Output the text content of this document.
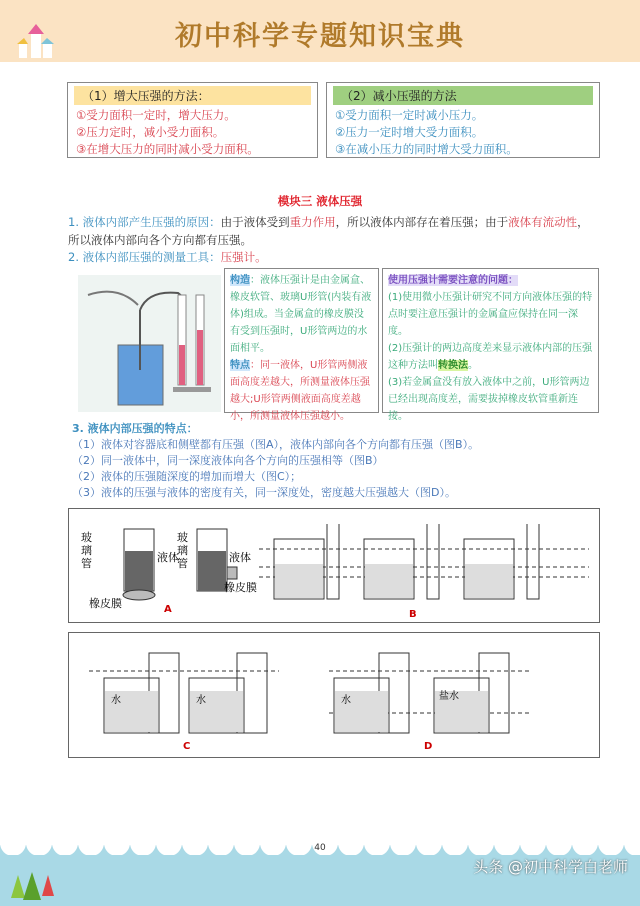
初中科学专题知识宝典
（1）增大压强的方法：
①受力面积一定时，增大压力。
②压力定时，减小受力面积。
③在增大压力的同时减小受力面积。
（2）减小压强的方法
①受力面积一定时减小压力。
②压力一定时增大受力面积。
③在减小压力的同时增大受力面积。
模块三 液体压强
1. 液体内部产生压强的原因：由于液体受到重力作用，所以液体内部存在着压强；由于液体有流动性，
所以液体内部向各个方向都有压强。
2. 液体内部压强的测量工具：压强计。
构造：液体压强计是由金属盒、橡皮软管、玻璃U形管(内装有液体)组成。当金属盒的橡皮膜没有受到压强时，U形管两边的水面相平。
特点：同一液体，U形管两侧液面高度差越大，所测量液体压强越大;U形管两侧液面高度差越小，所测量液体压强越小。
使用压强计需要注意的问题：
(1)使用微小压强计研究不同方向液体压强的特点时要注意压强计的金属盒应保持在同一深度。
(2)压强计的两边高度差来显示液体内部的压强这种方法叫转换法。
(3)若金属盒没有放入液体中之前，U形管两边已经出现高度差，需要拔掉橡皮软管重新连接。
3. 液体内部压强的特点：
（1）液体对容器底和侧壁都有压强（图A），液体内部向各个方向都有压强（图B）。
（2）同一液体中，同一深度液体向各个方向的压强相等（图B）
（2）液体的压强随深度的增加而增大（图C）；
（3）液体的压强与液体的密度有关，同一深度处，密度越大压强越大（图D）。
玻璃管	液体
橡皮膜
玻璃管	液体
橡皮膜
A	B
水	水	水	盐水
C	D
40
头条 @初中科学白老师
